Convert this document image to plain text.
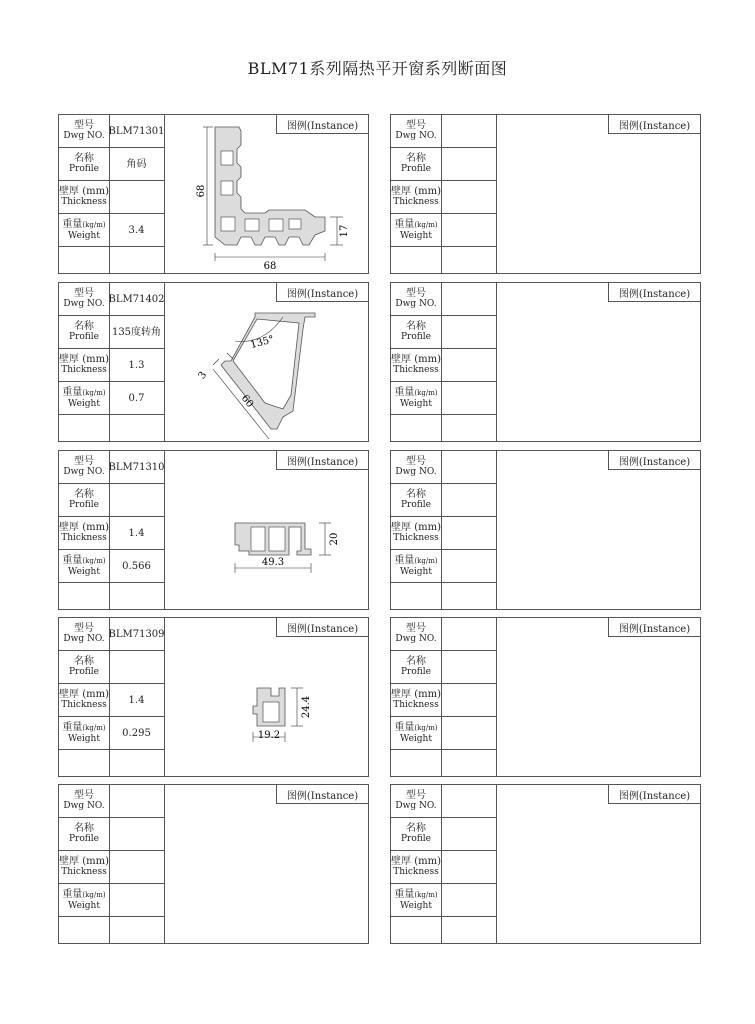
BLM71系列隔热平开窗系列断面图
型号
Dwg NO.
名称
Profile
壁厚 (mm)
Thickness
重量(kg/m)
Weight
BLM71301
角码
3.4
图例(Instance)
68
68
17
型号
Dwg NO.
名称
Profile
壁厚 (mm)
Thickness
重量(kg/m)
Weight
图例(Instance)
型号
Dwg NO.
名称
Profile
壁厚 (mm)
Thickness
重量(kg/m)
Weight
BLM71402
135度转角
1.3
0.7
图例(Instance)
135°
3
60
型号
Dwg NO.
名称
Profile
壁厚 (mm)
Thickness
重量(kg/m)
Weight
图例(Instance)
型号
Dwg NO.
名称
Profile
壁厚 (mm)
Thickness
重量(kg/m)
Weight
BLM71310
1.4
0.566
图例(Instance)
49.3
20
型号
Dwg NO.
名称
Profile
壁厚 (mm)
Thickness
重量(kg/m)
Weight
图例(Instance)
型号
Dwg NO.
名称
Profile
壁厚 (mm)
Thickness
重量(kg/m)
Weight
BLM71309
1.4
0.295
图例(Instance)
19.2
24.4
型号
Dwg NO.
名称
Profile
壁厚 (mm)
Thickness
重量(kg/m)
Weight
图例(Instance)
型号
Dwg NO.
名称
Profile
壁厚 (mm)
Thickness
重量(kg/m)
Weight
图例(Instance)	型号
Dwg NO.
名称
Profile
壁厚 (mm)
Thickness
重量(kg/m)
Weight
图例(Instance)
